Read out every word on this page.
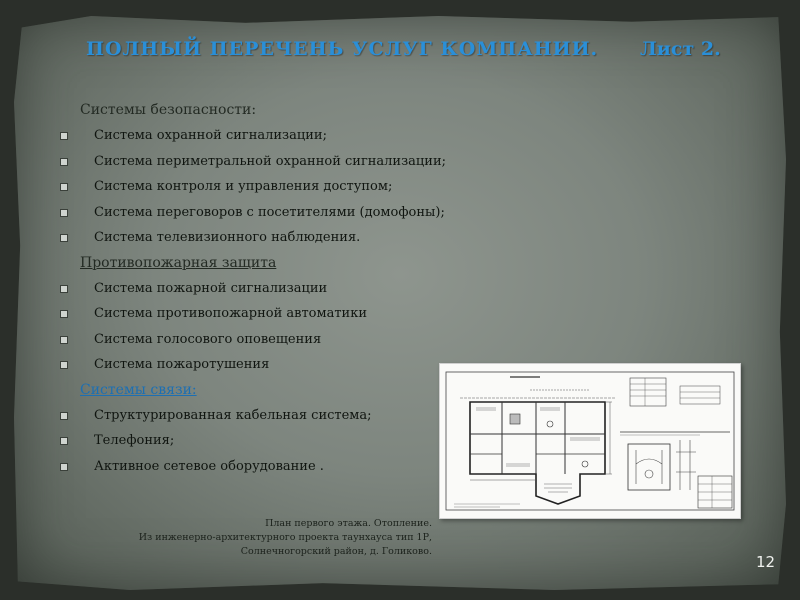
ПОЛНЫЙ ПЕРЕЧЕНЬ УСЛУГ КОМПАНИИ. Лист 2.
Системы безопасности:
Система охранной сигнализации;
Система периметральной охранной сигнализации;
Система контроля и управления доступом;
Система переговоров с посетителями (домофоны);
Система телевизионного наблюдения.
Противопожарная защита
Система пожарной сигнализации
Система противопожарной автоматики
Система голосового оповещения
Система пожаротушения
Системы связи:
Структурированная кабельная система;
Телефония;
Активное сетевое оборудование .
План первого этажа. Отопление.
Из инженерно-архитектурного проекта таунхауса тип 1Р,
Солнечногорский район, д. Голиково.
12
